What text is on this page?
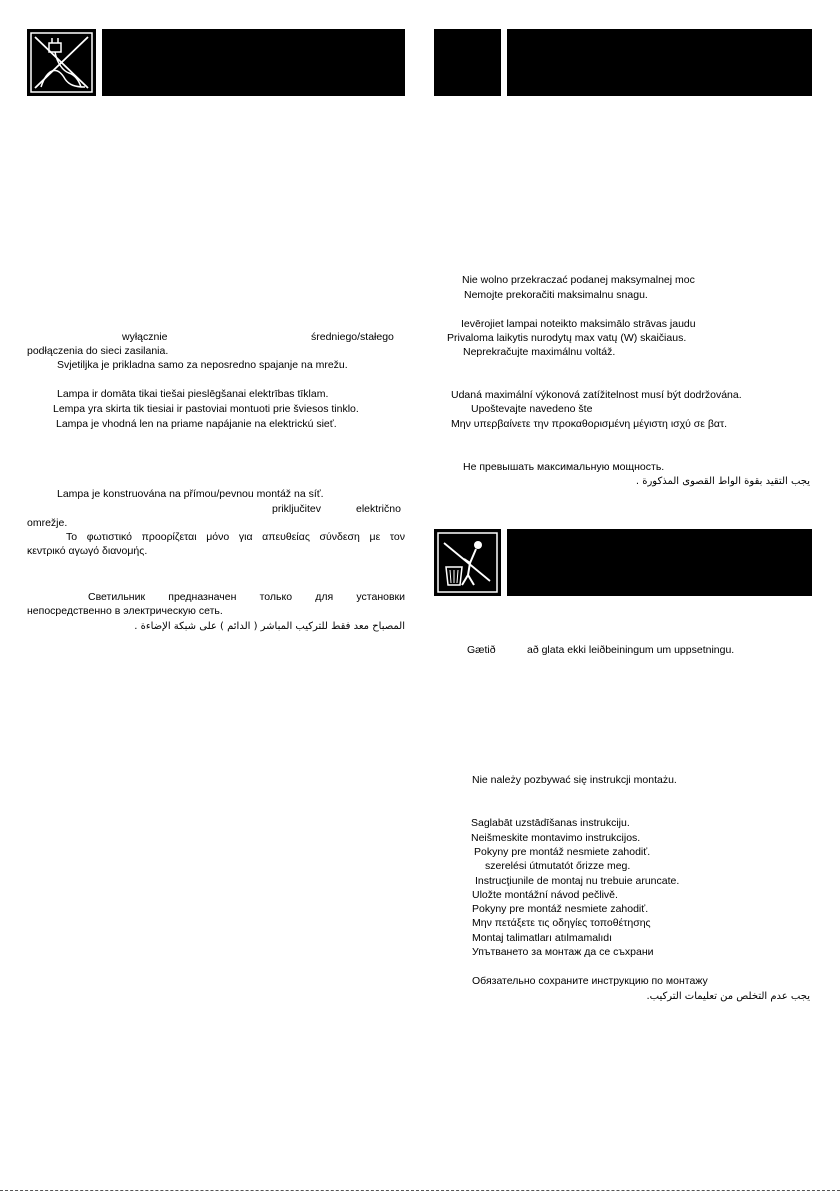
wyłącznie	średniego/stałego
podłączenia do sieci zasilania.
Svjetilјka je prikladna samo za neposredno spajanje na mrežu.
Lampa ir domāta tikai tiešai pieslēgšanai elektrības tīklam.
Lempa yra skirta tik tiesiai ir pastoviai montuoti prie šviesos tinklo.
Lampa je vhodná len na priame napájanie na elektrickú sieť.
Lampa je konstruována na přímou/pevnou montáž na síť.
priključitev	električno
omrežje.
Το φωτιστικό προορίζεται μόνο για απευθείας σύνδεση με τον
κεντρικό αγωγό διανομής.
Светильник предназначен только для установки
непосредственно в электрическую сеть.
المصباح معد فقط للتركيب المباشر ( الدائم ) على شبكة الإضاءة .
Nie wolno przekraczać podanej maksymalnej moc
Nemojte prekoračiti maksimalnu snagu.
Ievērojiet lampai noteikto maksimālo strāvas jaudu
Privaloma laikytis nurodytų max vatų (W) skaičiaus.
Neprekračujte maximálnu voltáž.
Udaná maximální výkonová zatížitelnost musí být dodržována.
Upoštevajte navedeno šte
Μην υπερβαίνετε την προκαθορισμένη μέγιστη ισχύ σε βατ.
Не превышать максимальную мощность.
يجب التقيد بقوة الواط القصوى المذكورة .
Gætið	að glata ekki leiðbeiningum um uppsetningu.
Nie należy pozbywać się instrukcji montażu.
Saglabāt uzstādīšanas instrukciju.
Neišmeskite montavimo instrukcijos.
Pokyny pre montáž nesmiete zahodiť.
szerelési útmutatót őrizze meg.
Instrucţiunile de montaj nu trebuie aruncate.
Uložte montážní návod pečlivě.
Pokyny pre montáž nesmiete zahodiť.
Μην πετάξετε τις οδηγίες τοποθέτησης
Montaj talimatları atılmamalıdı
Упътването за монтаж да се съхрани
Обязательно сохраните инструкцию по монтажу
يجب عدم التخلص من تعليمات التركيب.
